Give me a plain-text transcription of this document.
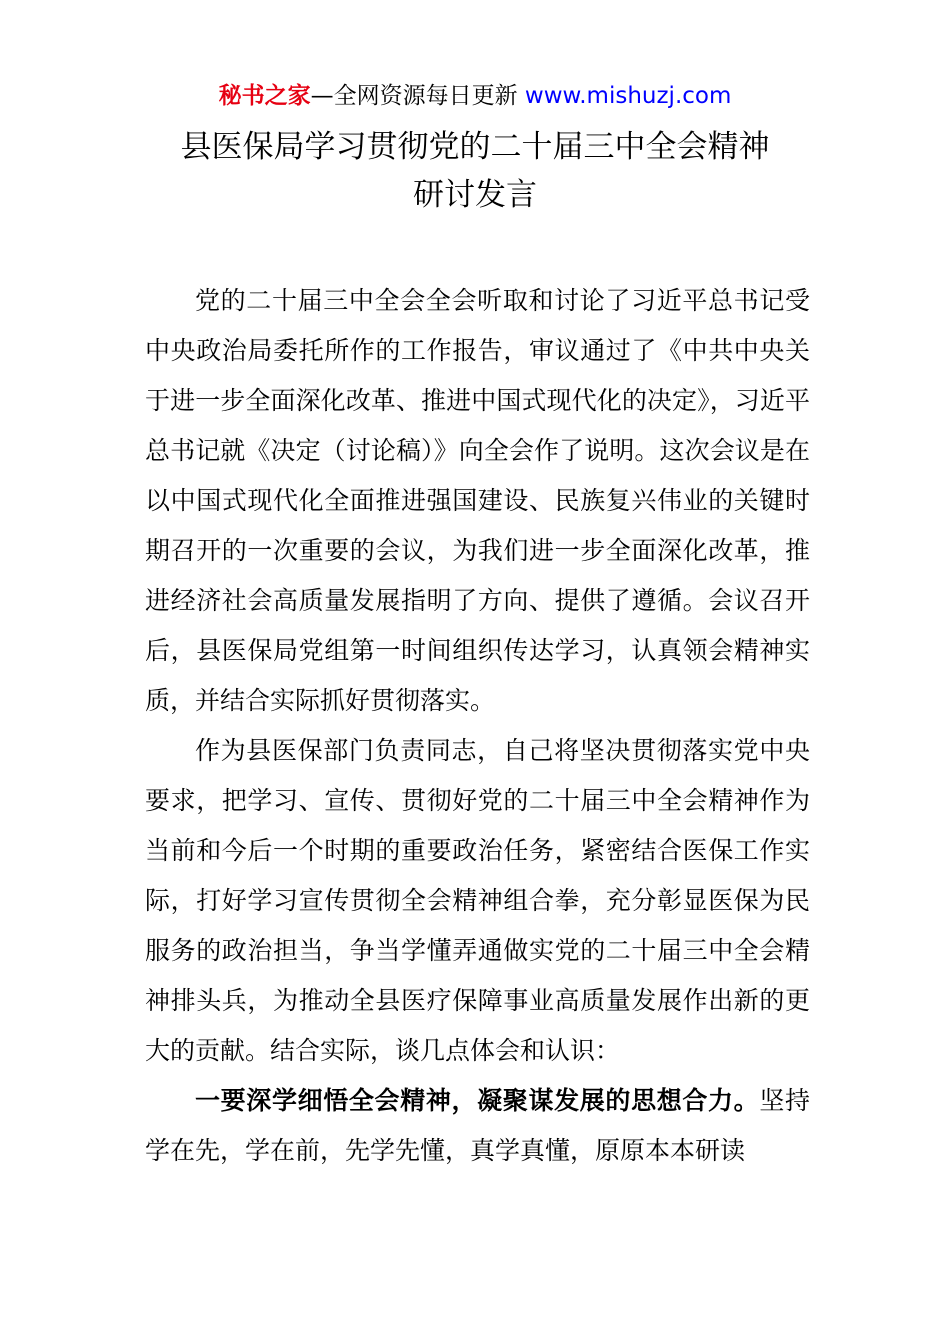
秘书之家—全网资源每日更新 www.mishuzj.com
县医保局学习贯彻党的二十届三中全会精神
研讨发言

党的二十届三中全会全会听取和讨论了习近平总书记受中央政治局委托所作的工作报告，审议通过了《中共中央关于进一步全面深化改革、推进中国式现代化的决定》，习近平总书记就《决定（讨论稿）》向全会作了说明。这次会议是在以中国式现代化全面推进强国建设、民族复兴伟业的关键时期召开的一次重要的会议，为我们进一步全面深化改革，推进经济社会高质量发展指明了方向、提供了遵循。会议召开后，县医保局党组第一时间组织传达学习，认真领会精神实质，并结合实际抓好贯彻落实。

作为县医保部门负责同志，自己将坚决贯彻落实党中央要求，把学习、宣传、贯彻好党的二十届三中全会精神作为当前和今后一个时期的重要政治任务，紧密结合医保工作实际，打好学习宣传贯彻全会精神组合拳，充分彰显医保为民服务的政治担当，争当学懂弄通做实党的二十届三中全会精神排头兵，为推动全县医疗保障事业高质量发展作出新的更大的贡献。结合实际，谈几点体会和认识：

一要深学细悟全会精神，凝聚谋发展的思想合力。坚持学在先，学在前，先学先懂，真学真懂，原原本本研读
